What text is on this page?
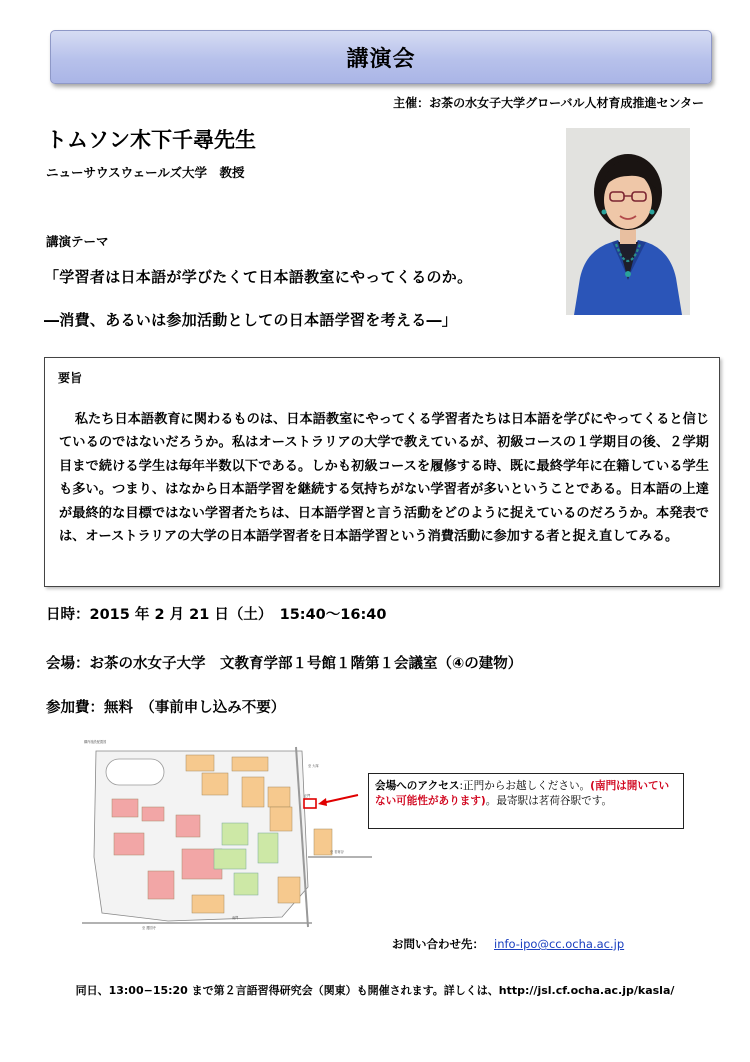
講演会
主催：お茶の水女子大学グローバル人材育成推進センター
トムソン木下千尋先生
ニューサウスウェールズ大学　教授
講演テーマ
「学習者は日本語が学びたくて日本語教室にやってくるのか。
―消費、あるいは参加活動としての日本語学習を考える―」
要旨
私たち日本語教育に関わるものは、日本語教室にやってくる学習者たちは日本語を学びにやってくると信じているのではないだろうか。私はオーストラリアの大学で教えているが、初級コースの１学期目の後、２学期目まで続ける学生は毎年半数以下である。しかも初級コースを履修する時、既に最終学年に在籍している学生も多い。つまり、はなから日本語学習を継続する気持ちがない学習者が多いということである。日本語の上達が最終的な目標ではない学習者たちは、日本語学習と言う活動をどのように捉えているのだろうか。本発表では、オーストラリアの大学の日本語学習者を日本語学習という消費活動に参加する者と捉え直してみる。
日時：2015 年 2 月 21 日（土）　15:40～16:40
会場：お茶の水女子大学　文教育学部１号館１階第１会議室（④の建物）
参加費：無料　（事前申し込み不要）
構内施設配置図
正門
至 大塚
至 茗荷谷
南門
至 護国寺
会場へのアクセス:正門からお越しください。(南門は開いていない可能性があります)。最寄駅は茗荷谷駅です。
お問い合わせ先： info-ipo@cc.ocha.ac.jp
同日、13:00−15:20 まで第２言語習得研究会（関東）も開催されます。詳しくは、http://jsl.cf.ocha.ac.jp/kasla/
